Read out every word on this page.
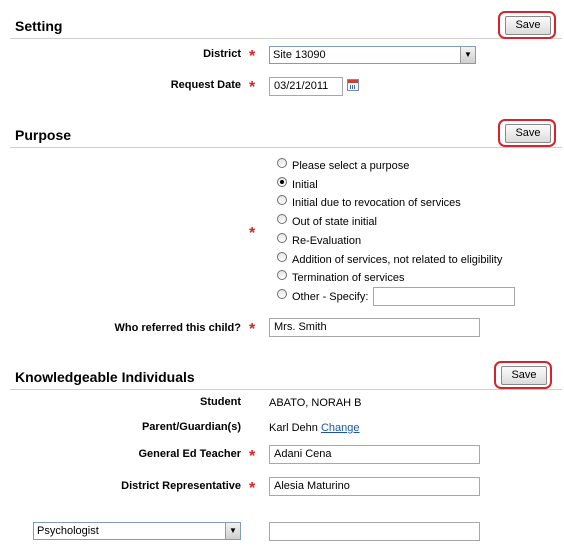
Setting	Save
District *	Site 13090	▼
Request Date *	03/21/2011
Purpose	Save
*
Please select a purpose
Initial
Initial due to revocation of services
Out of state initial
Re-Evaluation
Addition of services, not related to eligibility
Termination of services
Other - Specify:
Who referred this child? *	Mrs. Smith
Knowledgeable Individuals	Save
Student	ABATO, NORAH B
Parent/Guardian(s)	Karl Dehn Change
General Ed Teacher *	Adani Cena
District Representative *	Alesia Maturino
Psychologist	▼
